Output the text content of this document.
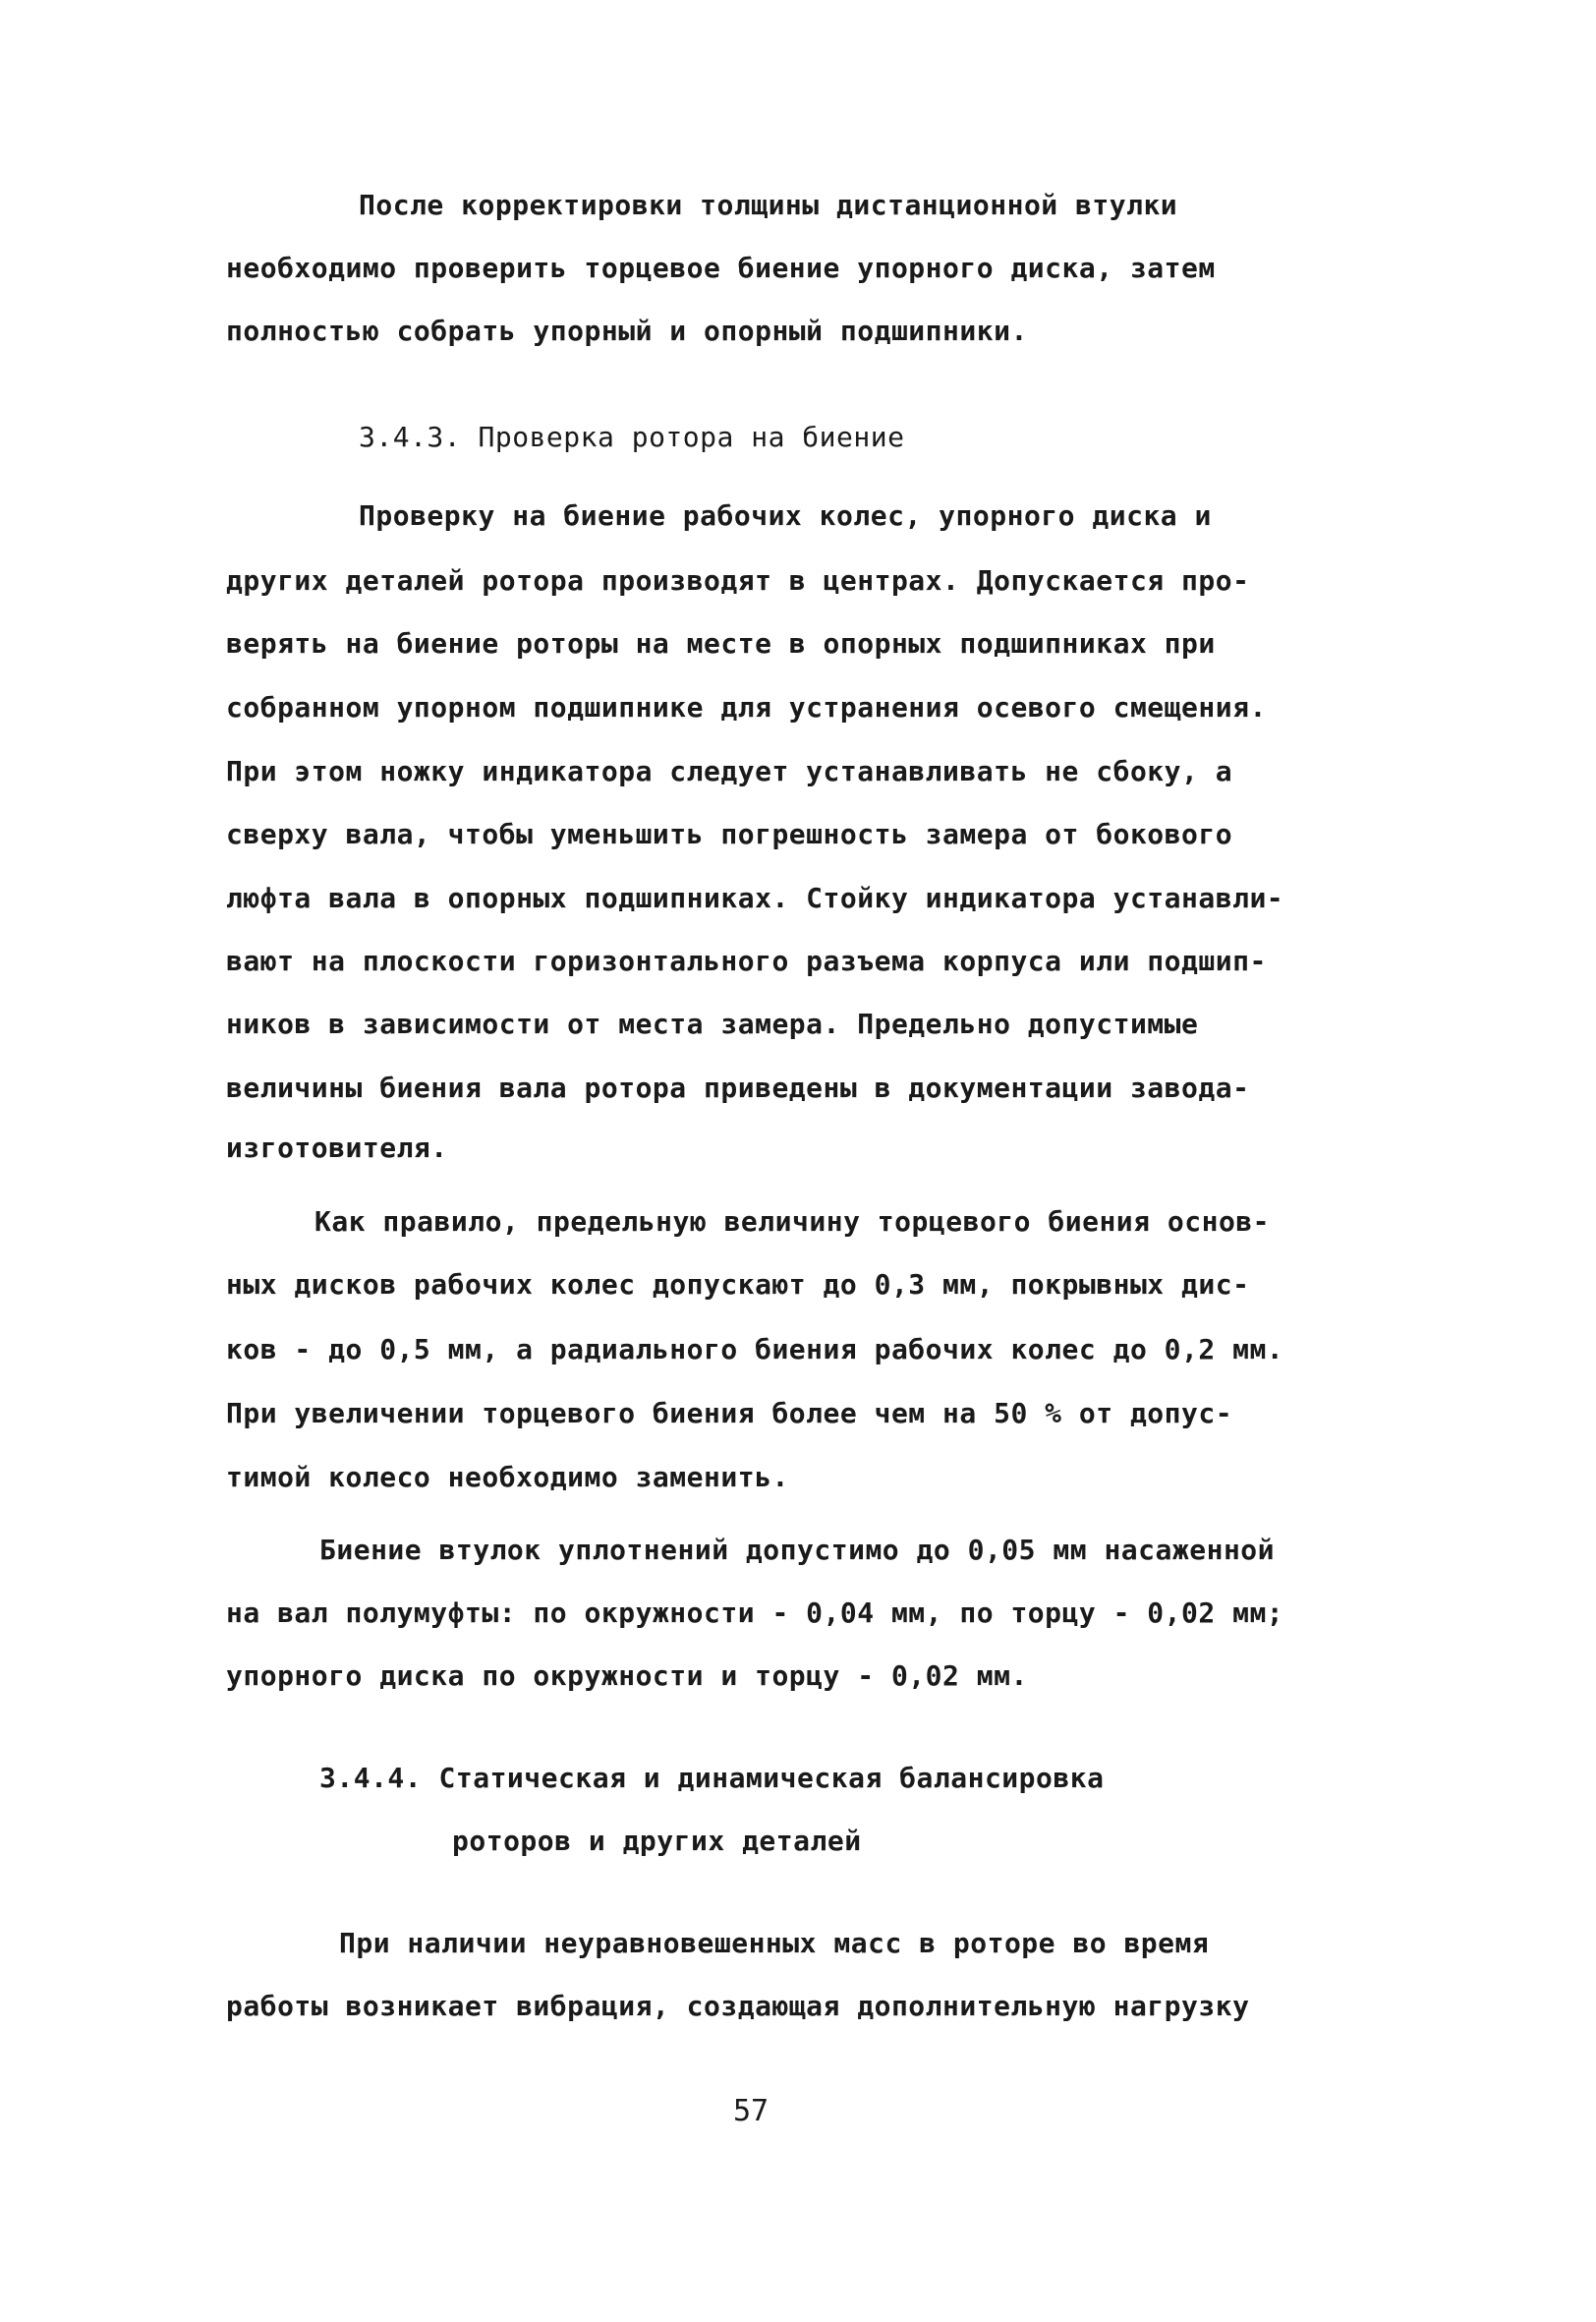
После корректировки толщины дистанционной втулки
необходимо проверить торцевое биение упорного диска, затем
полностью собрать упорный и опорный подшипники.
3.4.3. Проверка ротора на биение
Проверку на биение рабочих колес, упорного диска и
других деталей ротора производят в центрах. Допускается про-
верять на биение роторы на месте в опорных подшипниках при
собранном упорном подшипнике для устранения осевого смещения.
При этом ножку индикатора следует устанавливать не сбоку, а
сверху вала, чтобы уменьшить погрешность замера от бокового
люфта вала в опорных подшипниках. Стойку индикатора устанавли-
вают на плоскости горизонтального разъема корпуса или подшип-
ников в зависимости от места замера. Предельно допустимые
величины биения вала ротора приведены в документации завода-
изготовителя.
Как правило, предельную величину торцевого биения основ-
ных дисков рабочих колес допускают до 0,3 мм, покрывных дис-
ков - до 0,5 мм, а радиального биения рабочих колес до 0,2 мм.
При увеличении торцевого биения более чем на 50 % от допус-
тимой колесо необходимо заменить.
Биение втулок уплотнений допустимо до 0,05 мм насаженной
на вал полумуфты: по окружности - 0,04 мм, по торцу - 0,02 мм;
упорного диска по окружности и торцу - 0,02 мм.
3.4.4. Статическая и динамическая балансировка
роторов и других деталей
При наличии неуравновешенных масс в роторе во время
работы возникает вибрация, создающая дополнительную нагрузку
57
